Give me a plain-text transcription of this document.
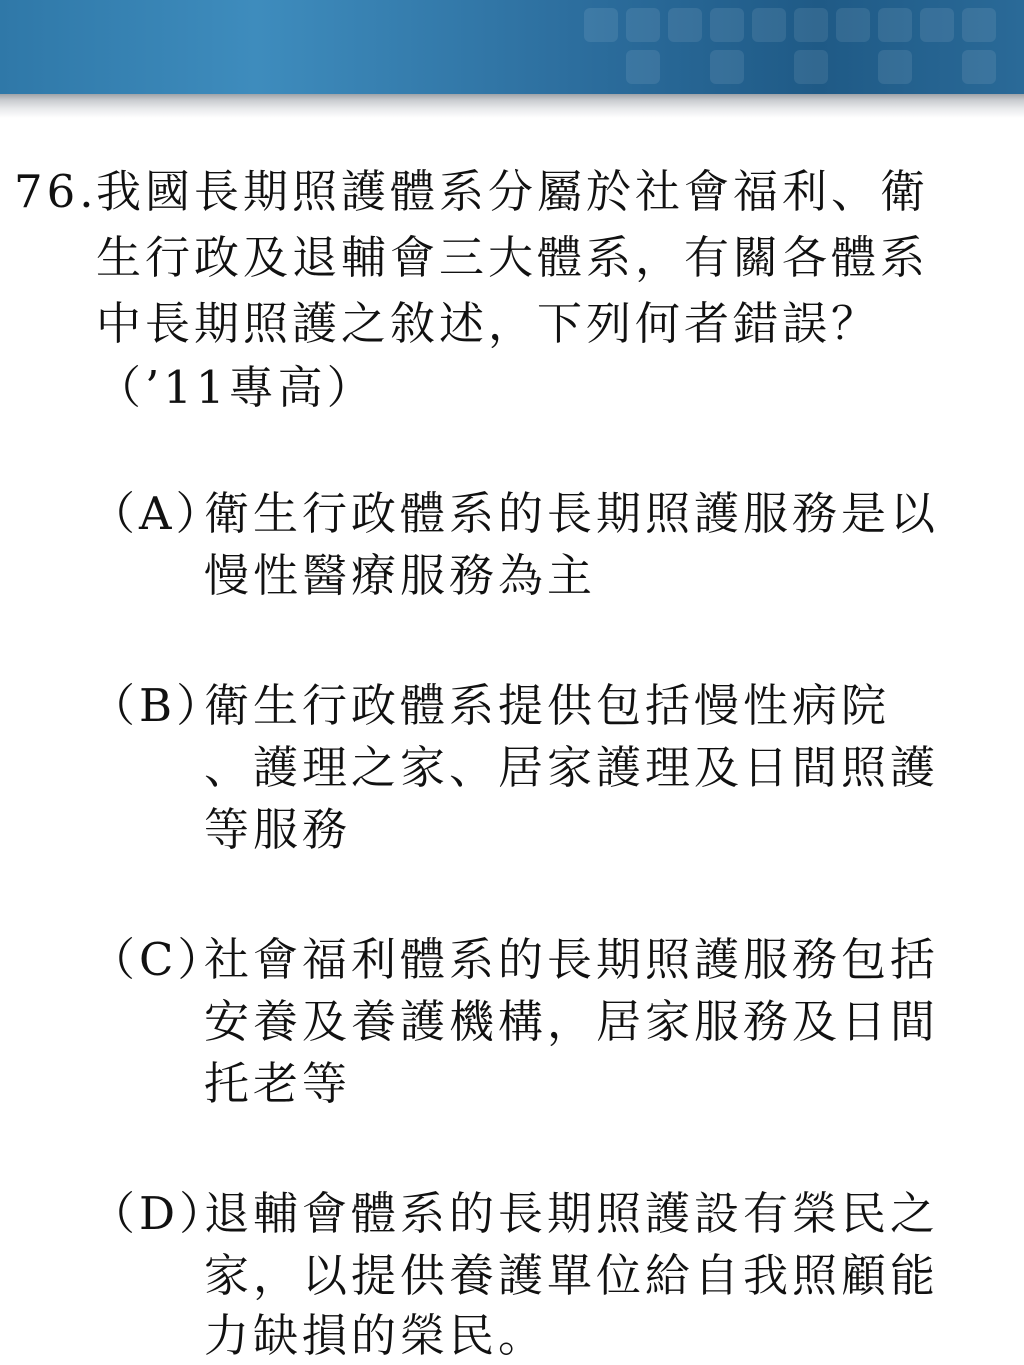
76.
我國長期照護體系分屬於社會福利、衛
生行政及退輔會三大體系，有關各體系
中長期照護之敘述，下列何者錯誤？
（’11專高）
（A）
衛生行政體系的長期照護服務是以
慢性醫療服務為主
（B）
衛生行政體系提供包括慢性病院
、護理之家、居家護理及日間照護
等服務
（C）
社會福利體系的長期照護服務包括
安養及養護機構，居家服務及日間
托老等
（D）
退輔會體系的長期照護設有榮民之
家，以提供養護單位給自我照顧能
力缺損的榮民。
